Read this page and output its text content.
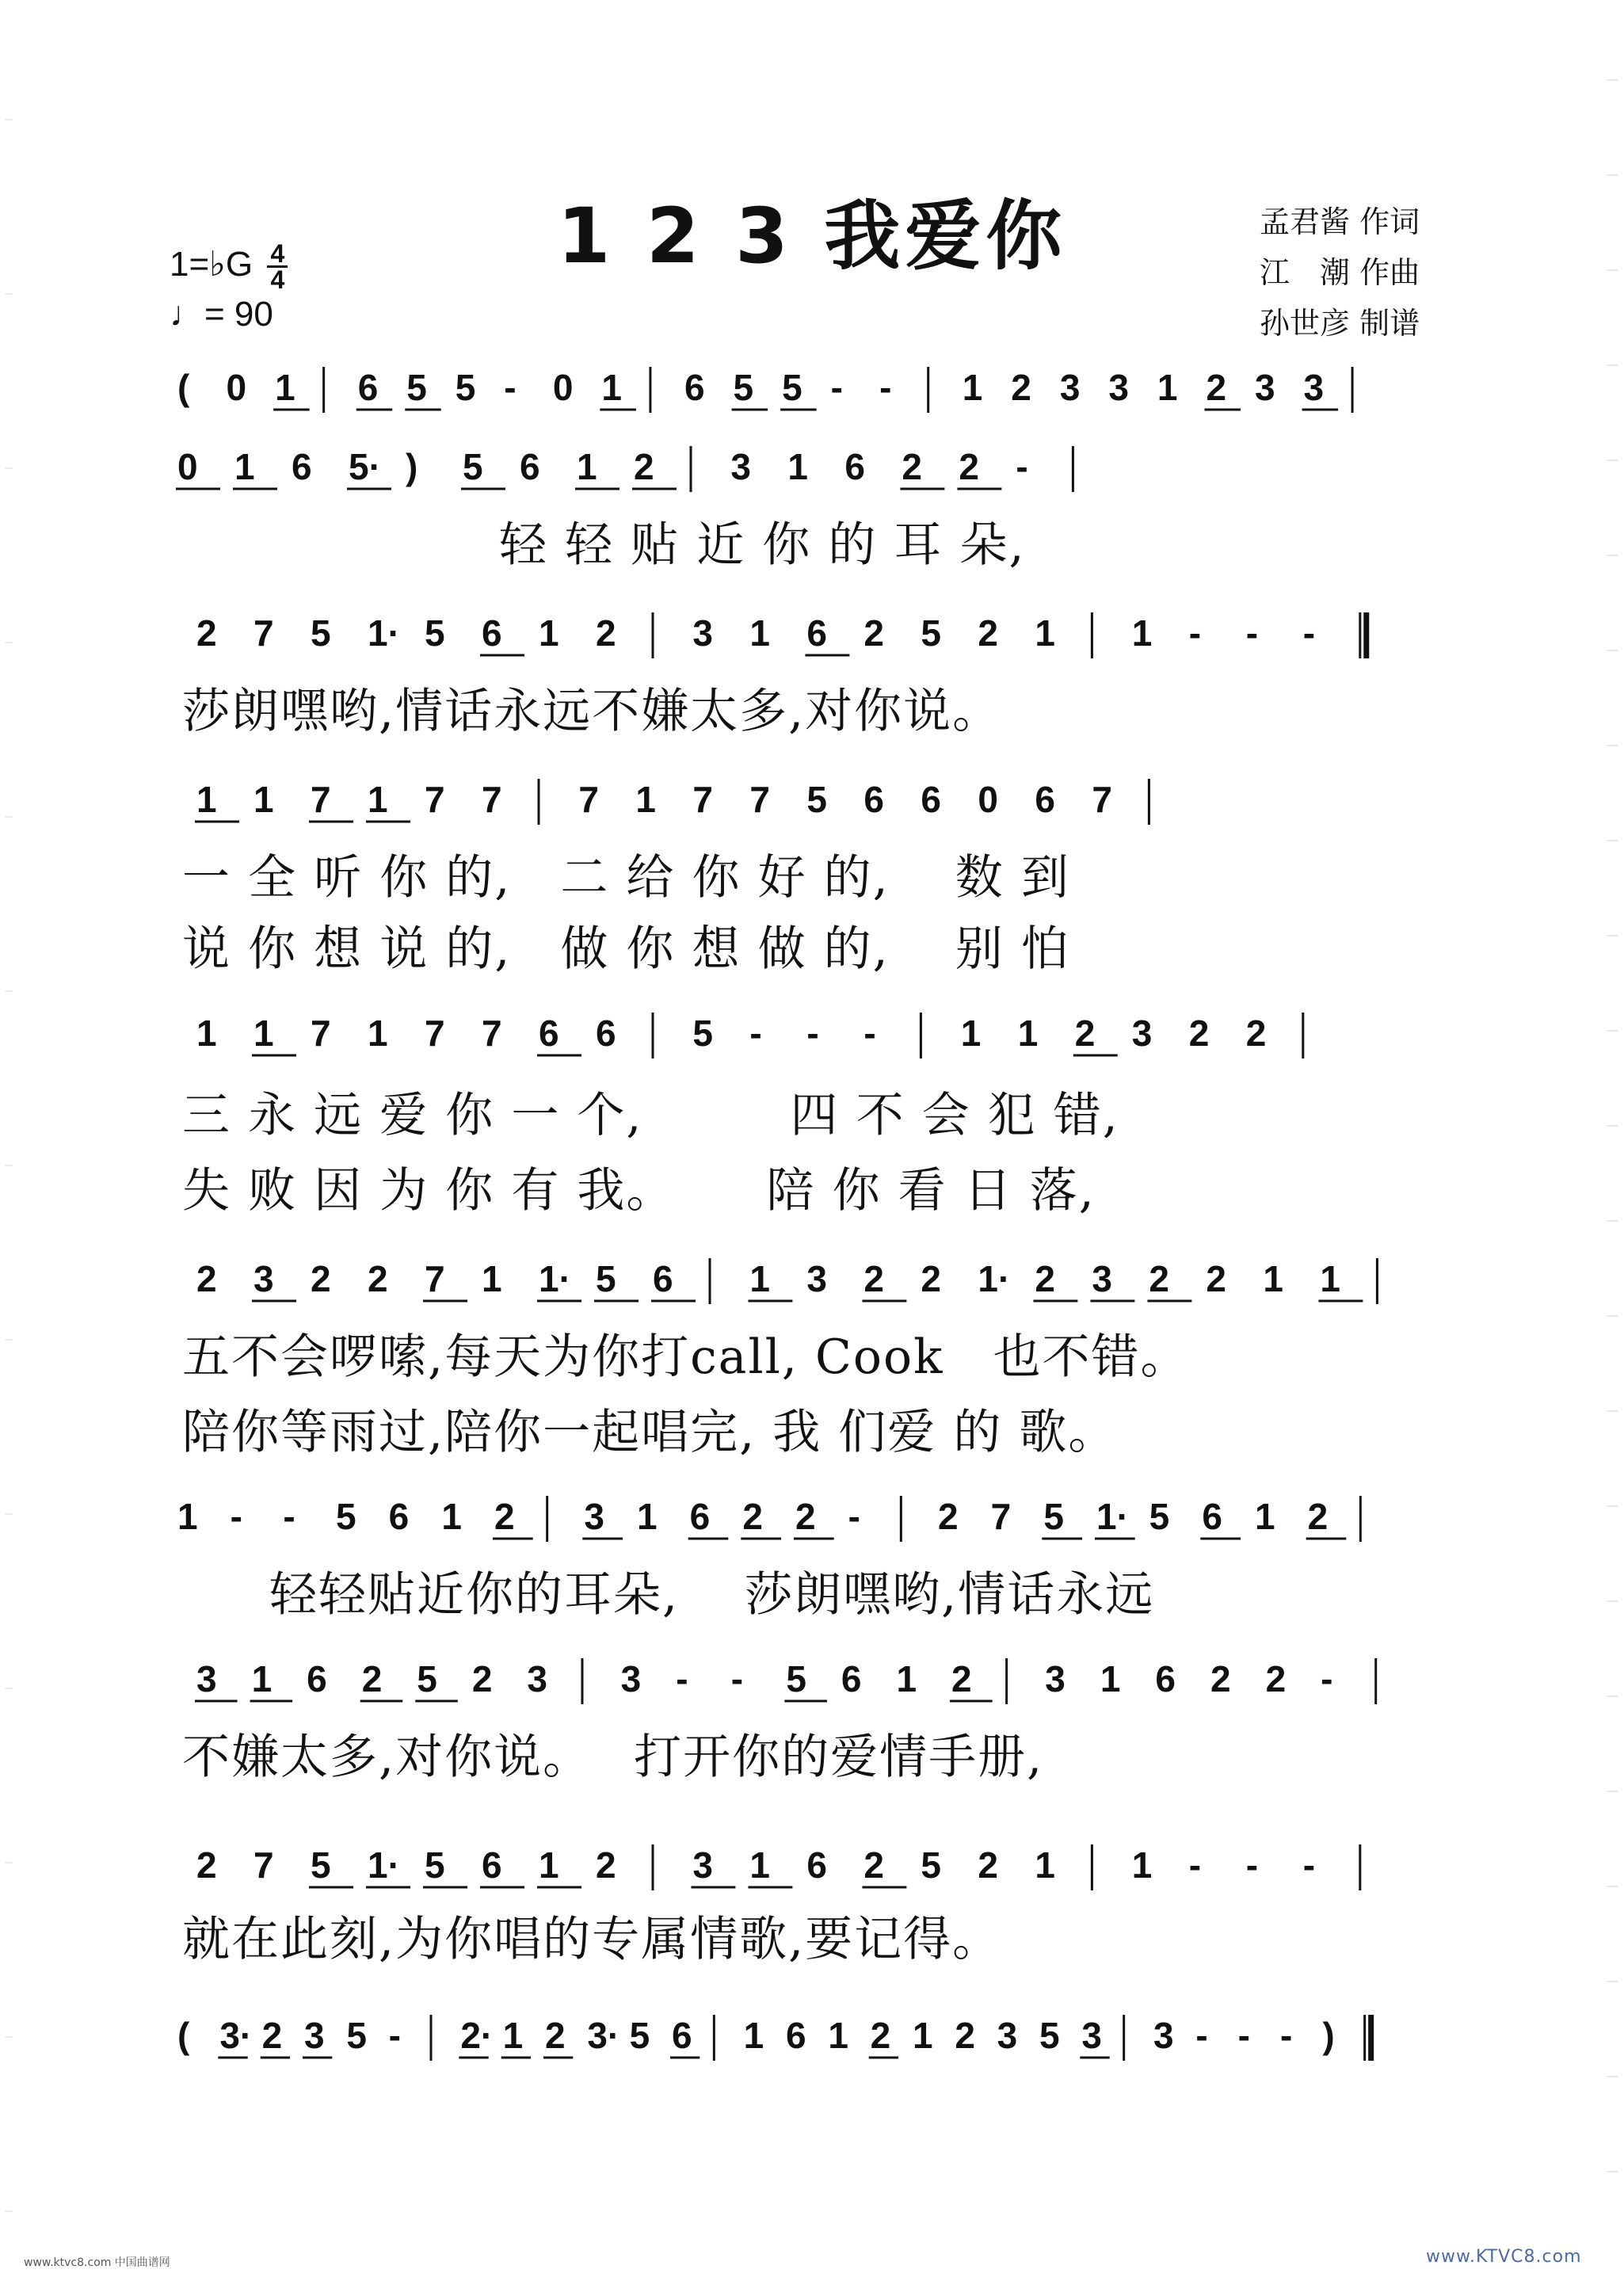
1 2 3 我爱你
1=♭G $\frac{4}{4}$
♩= 90
孟君酱 作词
江　潮 作曲
孙世彦 制谱
( 0 1 6 5 5 - 0 1 6 5 5 - - 1 2 3 3 1 2 3 3
0 1 6 5· ) 5 6 1 2 3 1 6 2 2 -
2 7 5 1· 5 6 1 2 3 1 6 2 5 2 1 1 - - -
1 1 7 1 7 7 7 1 7 7 5 6 6 0 6 7
1 1 7 1 7 7 6 6 5 - - - 1 1 2 3 2 2
2 3 2 2 7 1 1· 5 6 1 3 2 2 1· 2 3 2 2 1 1
1 - - 5 6 1 2 3 1 6 2 2 - 2 7 5 1· 5 6 1 2
3 1 6 2 5 2 3 3 - - 5 6 1 2 3 1 6 2 2 -
2 7 5 1· 5 6 1 2 3 1 6 2 5 2 1 1 - - -
( 3· 2 3 5 - 2· 1 2 3· 5 6 1 6 1 2 1 2 3 5 3 3 - - - )
轻 轻 贴 近 你 的 耳 朵,
莎朗嘿哟,情话永远不嫌太多,对你说。
一 全 听 你 的,　二 给 你 好 的,　 数 到
说 你 想 说 的,　做 你 想 做 的,　 别 怕
三 永 远 爱 你 一 个,　　　四 不 会 犯 错,
失 败 因 为 你 有 我。　　 陪 你 看 日 落,
五不会啰嗦,每天为你打call, Cook　也不错。
陪你等雨过,陪你一起唱完, 我 们爱 的 歌。
轻轻贴近你的耳朵,　 莎朗嘿哟,情话永远
不嫌太多,对你说。　 打开你的爱情手册,
就在此刻,为你唱的专属情歌,要记得。
www.ktvc8.com 中国曲谱网	www.KTVC8.com
